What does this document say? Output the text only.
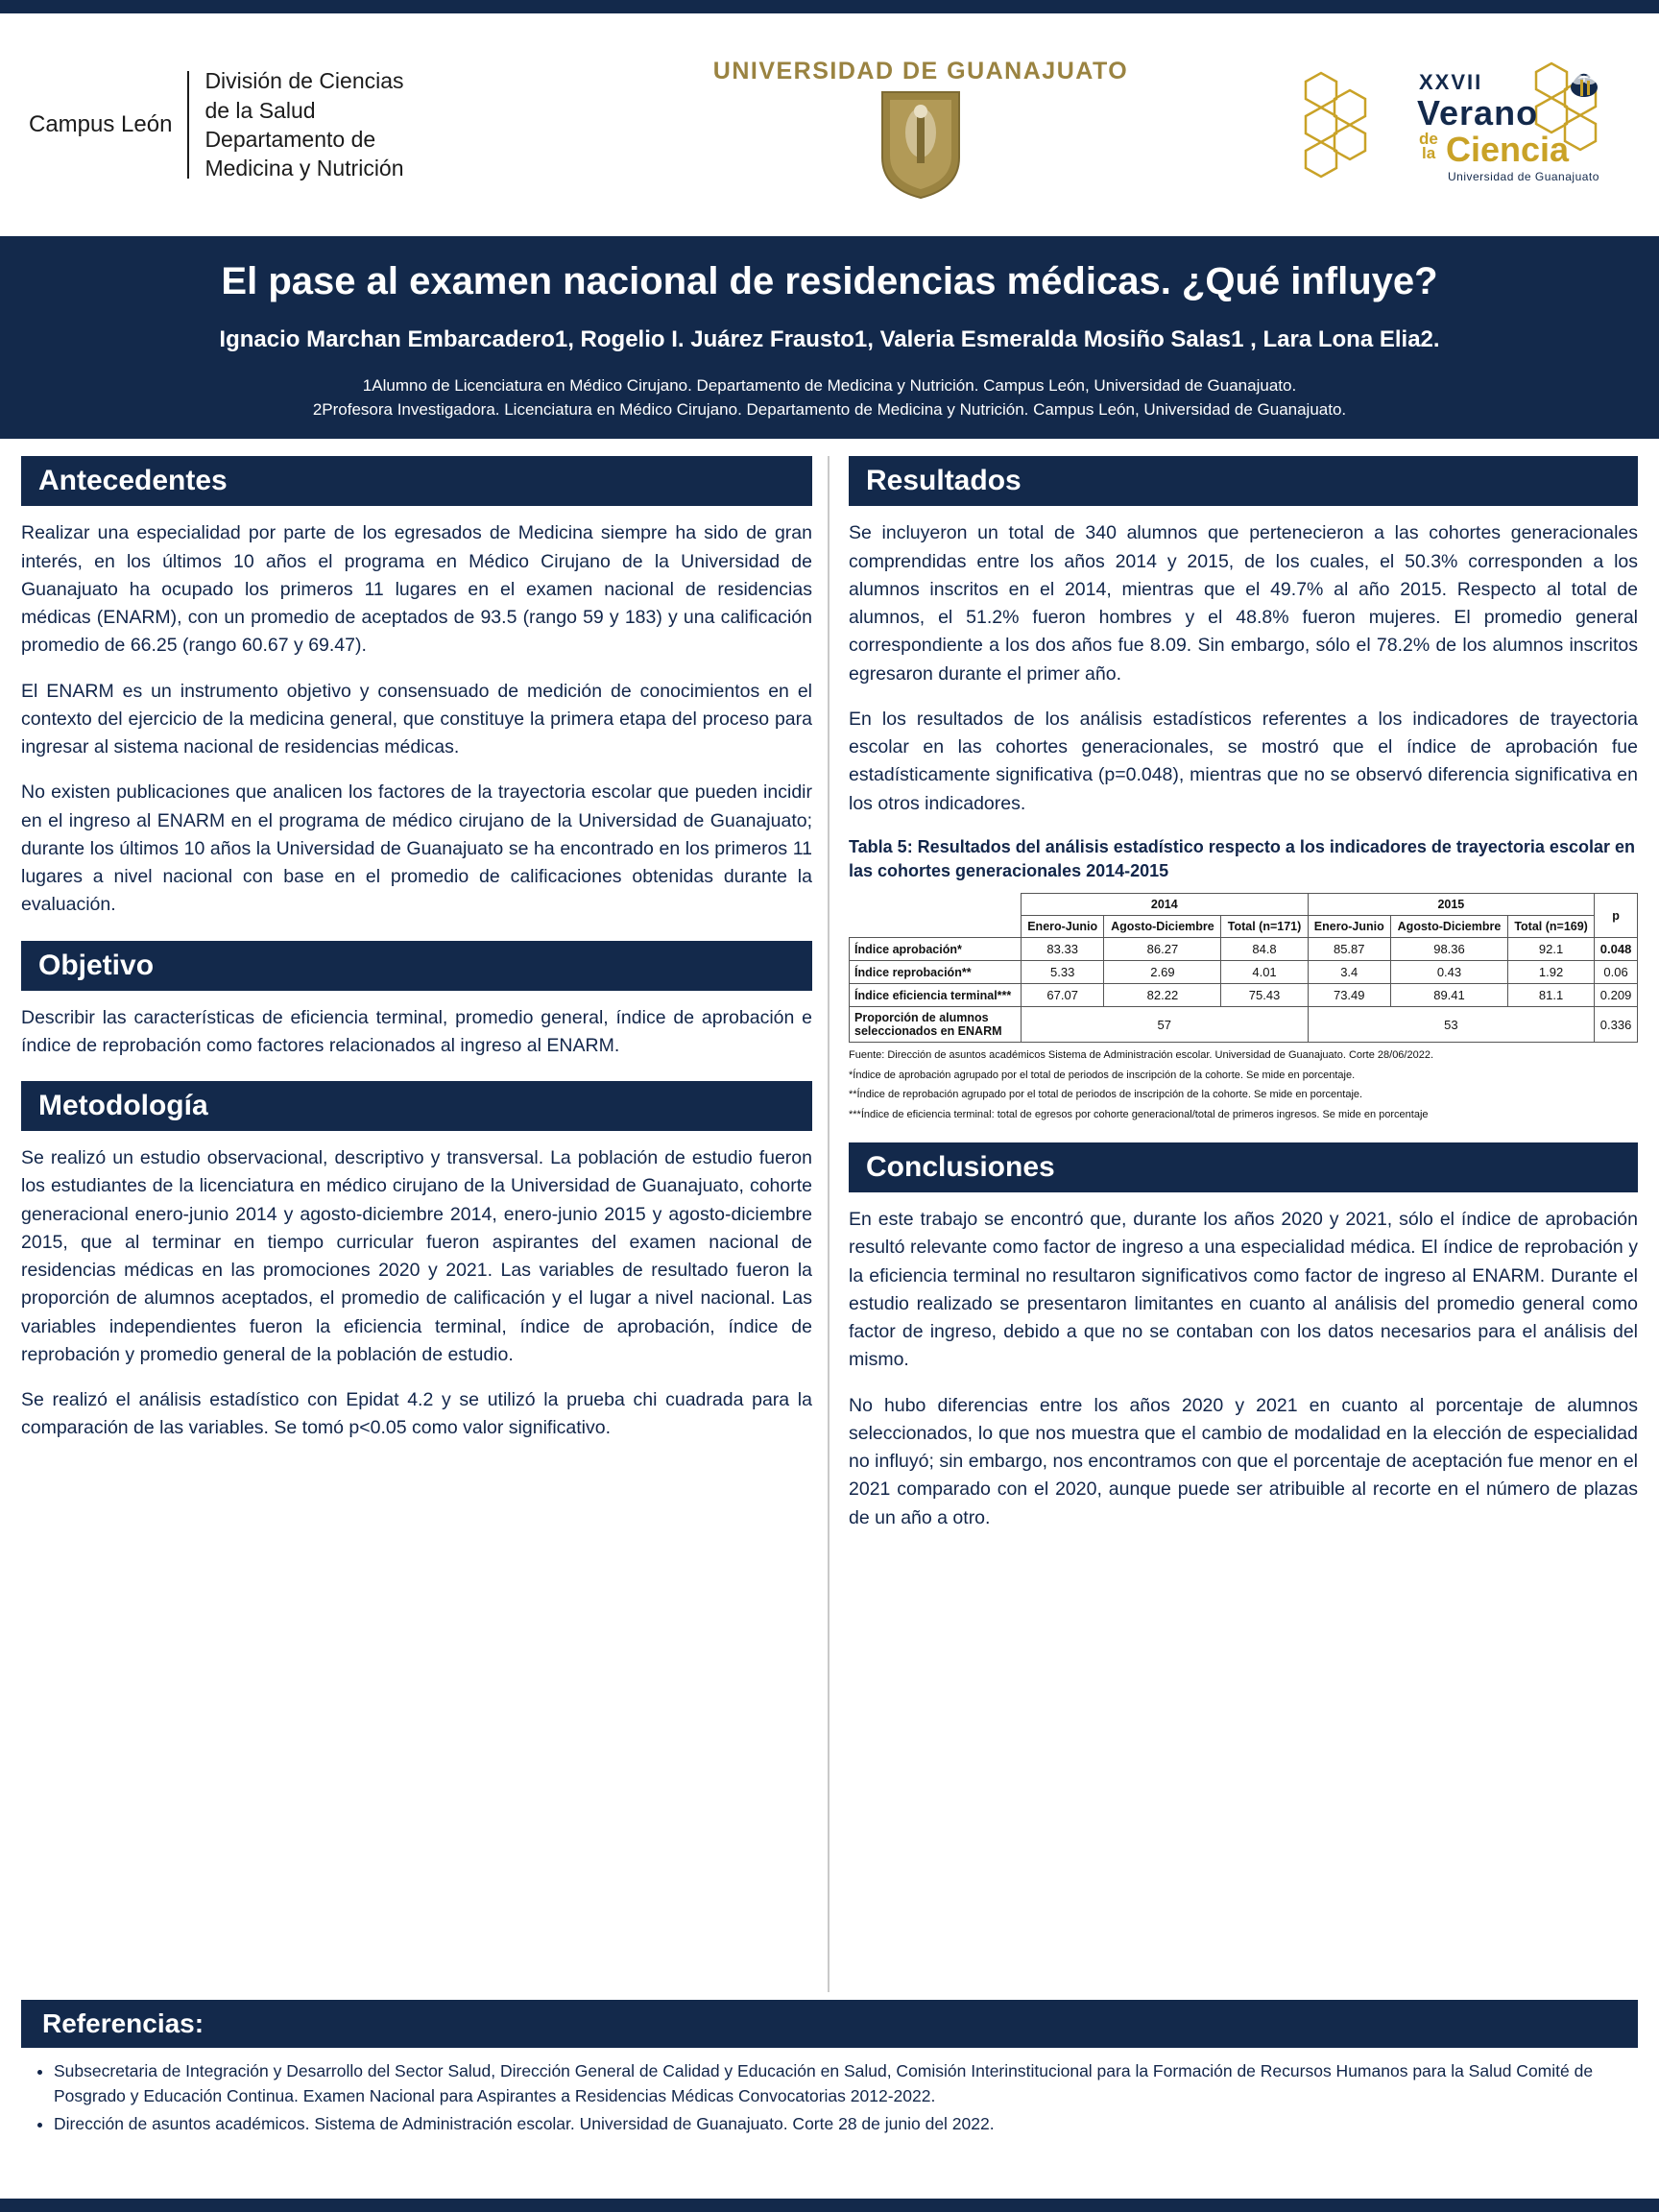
Campus León
División de Ciencias
de la Salud
Departamento de
Medicina y Nutrición
UNIVERSIDAD DE GUANAJUATO	XXVII
Verano
de
la Ciencia
Universidad de Guanajuato
El pase al examen nacional de residencias médicas. ¿Qué influye?
Ignacio Marchan Embarcadero1, Rogelio I. Juárez Frausto1, Valeria Esmeralda Mosiño Salas1 , Lara Lona Elia2.
1Alumno de Licenciatura en Médico Cirujano. Departamento de Medicina y Nutrición. Campus León, Universidad de Guanajuato.
2Profesora Investigadora. Licenciatura en Médico Cirujano. Departamento de Medicina y Nutrición. Campus León, Universidad de Guanajuato.
Antecedentes

Realizar una especialidad por parte de los egresados de Medicina siempre ha sido de gran interés, en los últimos 10 años el programa en Médico Cirujano de la Universidad de Guanajuato ha ocupado los primeros 11 lugares en el examen nacional de residencias médicas (ENARM), con un promedio de aceptados de 93.5 (rango 59 y 183) y una calificación promedio de 66.25 (rango 60.67 y 69.47).

El ENARM es un instrumento objetivo y consensuado de medición de conocimientos en el contexto del ejercicio de la medicina general, que constituye la primera etapa del proceso para ingresar al sistema nacional de residencias médicas.

No existen publicaciones que analicen los factores de la trayectoria escolar que pueden incidir en el ingreso al ENARM en el programa de médico cirujano de la Universidad de Guanajuato; durante los últimos 10 años la Universidad de Guanajuato se ha encontrado en los primeros 11 lugares a nivel nacional con base en el promedio de calificaciones obtenidas durante la evaluación.

Objetivo

Describir las características de eficiencia terminal, promedio general, índice de aprobación e índice de reprobación como factores relacionados al ingreso al ENARM.

Metodología

Se realizó un estudio observacional, descriptivo y transversal. La población de estudio fueron los estudiantes de la licenciatura en médico cirujano de la Universidad de Guanajuato, cohorte generacional enero-junio 2014 y agosto-diciembre 2014, enero-junio 2015 y agosto-diciembre 2015, que al terminar en tiempo curricular fueron aspirantes del examen nacional de residencias médicas en las promociones 2020 y 2021. Las variables de resultado fueron la proporción de alumnos aceptados, el promedio de calificación y el lugar a nivel nacional. Las variables independientes fueron la eficiencia terminal, índice de aprobación, índice de reprobación y promedio general de la población de estudio.

Se realizó el análisis estadístico con Epidat 4.2 y se utilizó la prueba chi cuadrada para la comparación de las variables. Se tomó p<0.05 como valor significativo.

Resultados

Se incluyeron un total de 340 alumnos que pertenecieron a las cohortes generacionales comprendidas entre los años 2014 y 2015, de los cuales, el 50.3% corresponden a los alumnos inscritos en el 2014, mientras que el 49.7% al año 2015. Respecto al total de alumnos, el 51.2% fueron hombres y el 48.8% fueron mujeres. El promedio general correspondiente a los dos años fue 8.09. Sin embargo, sólo el 78.2% de los alumnos inscritos egresaron durante el primer año.

En los resultados de los análisis estadísticos referentes a los indicadores de trayectoria escolar en las cohortes generacionales, se mostró que el índice de aprobación fue estadísticamente significativa (p=0.048), mientras que no se observó diferencia significativa en los otros indicadores.

Tabla 5: Resultados del análisis estadístico respecto a los indicadores de trayectoria escolar en las cohortes generacionales 2014-2015
	2014			2015			p
	Enero-Junio	Agosto-Diciembre	Total (n=171)	Enero-Junio	Agosto-Diciembre	Total (n=169)	
Índice aprobación*	83.33	86.27	84.8	85.87	98.36	92.1	0.048
Índice reprobación**	5.33	2.69	4.01	3.4	0.43	1.92	0.06
Índice eficiencia terminal***	67.07	82.22	75.43	73.49	89.41	81.1	0.209
Proporción de alumnos seleccionados en ENARM	57			53			0.336
Fuente: Dirección de asuntos académicos Sistema de Administración escolar. Universidad de Guanajuato. Corte 28/06/2022.
*Índice de aprobación agrupado por el total de periodos de inscripción de la cohorte. Se mide en porcentaje.
**Índice de reprobación agrupado por el total de periodos de inscripción de la cohorte. Se mide en porcentaje.
***Índice de eficiencia terminal: total de egresos por cohorte generacional/total de primeros ingresos. Se mide en porcentaje
Conclusiones

En este trabajo se encontró que, durante los años 2020 y 2021, sólo el índice de aprobación resultó relevante como factor de ingreso a una especialidad médica. El índice de reprobación y la eficiencia terminal no resultaron significativos como factor de ingreso al ENARM. Durante el estudio realizado se presentaron limitantes en cuanto al análisis del promedio general como factor de ingreso, debido a que no se contaban con los datos necesarios para el análisis del mismo.

No hubo diferencias entre los años 2020 y 2021 en cuanto al porcentaje de alumnos seleccionados, lo que nos muestra que el cambio de modalidad en la elección de especialidad no influyó; sin embargo, nos encontramos con que el porcentaje de aceptación fue menor en el 2021 comparado con el 2020, aunque puede ser atribuible al recorte en el número de plazas de un año a otro.

Referencias:
• Subsecretaria de Integración y Desarrollo del Sector Salud, Dirección General de Calidad y Educación en Salud, Comisión Interinstitucional para la Formación de Recursos Humanos para la Salud Comité de Posgrado y Educación Continua. Examen Nacional para Aspirantes a Residencias Médicas Convocatorias 2012-2022.
• Dirección de asuntos académicos. Sistema de Administración escolar. Universidad de Guanajuato. Corte 28 de junio del 2022.
